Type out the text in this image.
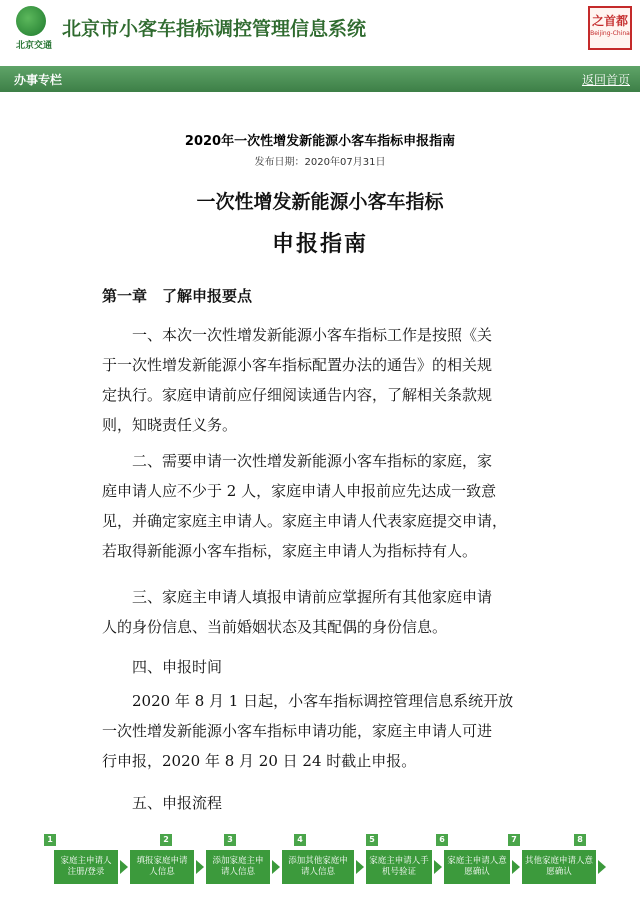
北京交通
北京市小客车指标调控管理信息系统	之首都
Beijing-China
办事专栏	返回首页
2020年一次性增发新能源小客车指标申报指南
发布日期：2020年07月31日
一次性增发新能源小客车指标
申报指南
第一章　了解申报要点
　　一、本次一次性增发新能源小客车指标工作是按照《关
于一次性增发新能源小客车指标配置办法的通告》的相关规
定执行。家庭申请前应仔细阅读通告内容，了解相关条款规
则，知晓责任义务。
　　二、需要申请一次性增发新能源小客车指标的家庭，家
庭申请人应不少于 2 人，家庭申请人申报前应先达成一致意
见，并确定家庭主申请人。家庭主申请人代表家庭提交申请，
若取得新能源小客车指标，家庭主申请人为指标持有人。
　　三、家庭主申请人填报申请前应掌握所有其他家庭申请
人的身份信息、当前婚姻状态及其配偶的身份信息。
　　四、申报时间
　　2020 年 8 月 1 日起，小客车指标调控管理信息系统开放
一次性增发新能源小客车指标申请功能，家庭主申请人可进
行申报，2020 年 8 月 20 日 24 时截止申报。
　　五、申报流程
1
家庭主申请人注册/登录
2
填报家庭申请人信息
3
添加家庭主申请人信息
4
添加其他家庭申请人信息
5
家庭主申请人手机号验证
6
家庭主申请人意愿确认
7
其他家庭申请人意愿确认
8
